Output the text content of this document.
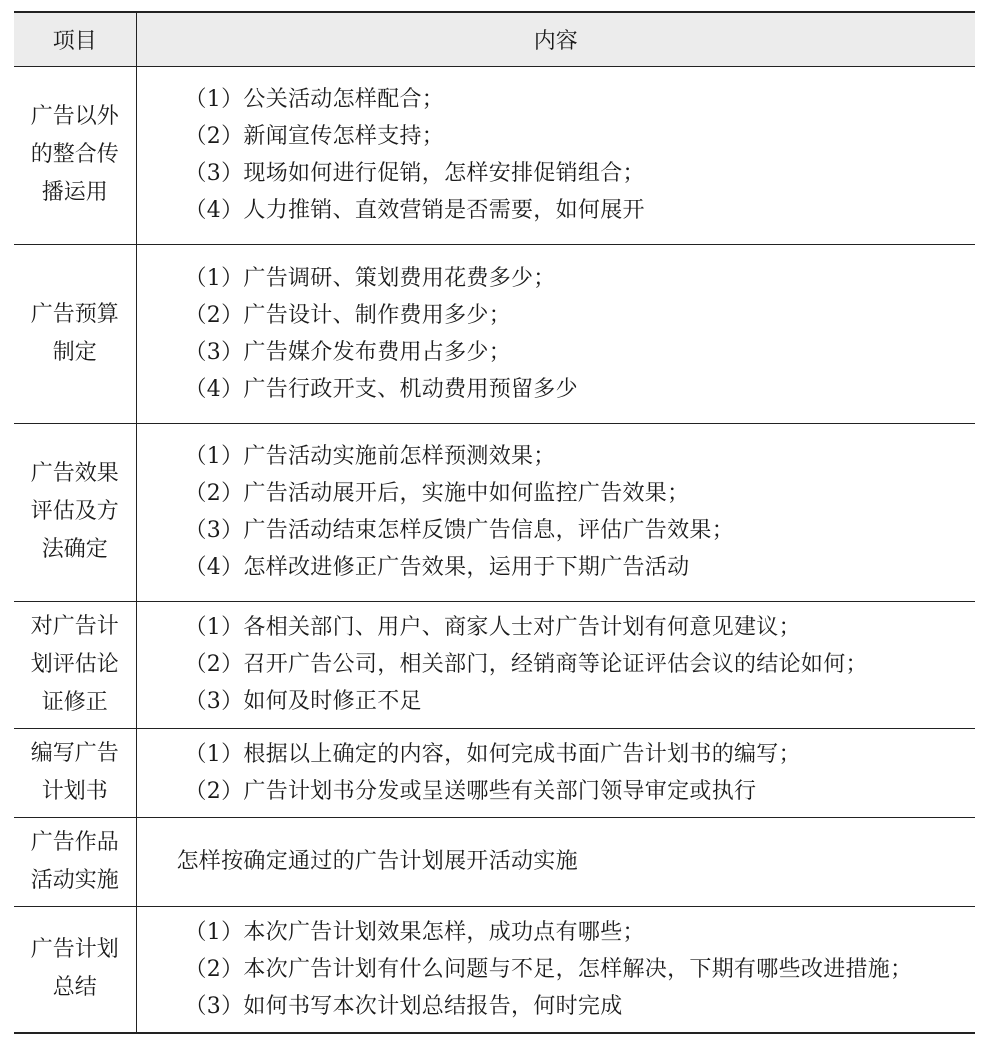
项目	内容
广告以外的整合传播运用	（1）公关活动怎样配合；
（2）新闻宣传怎样支持；
（3）现场如何进行促销，怎样安排促销组合；
（4）人力推销、直效营销是否需要，如何展开

广告预算制定	（1）广告调研、策划费用花费多少；
（2）广告设计、制作费用多少；
（3）广告媒介发布费用占多少；
（4）广告行政开支、机动费用预留多少

广告效果评估及方法确定	（1）广告活动实施前怎样预测效果；
（2）广告活动展开后，实施中如何监控广告效果；
（3）广告活动结束怎样反馈广告信息，评估广告效果；
（4）怎样改进修正广告效果，运用于下期广告活动

对广告计划评估论证修正	（1）各相关部门、用户、商家人士对广告计划有何意见建议；
（2）召开广告公司，相关部门，经销商等论证评估会议的结论如何；
（3）如何及时修正不足

编写广告计划书	（1）根据以上确定的内容，如何完成书面广告计划书的编写；
（2）广告计划书分发或呈送哪些有关部门领导审定或执行

广告作品活动实施	怎样按确定通过的广告计划展开活动实施

广告计划总结	（1）本次广告计划效果怎样，成功点有哪些；
（2）本次广告计划有什么问题与不足，怎样解决，下期有哪些改进措施；
（3）如何书写本次计划总结报告，何时完成
